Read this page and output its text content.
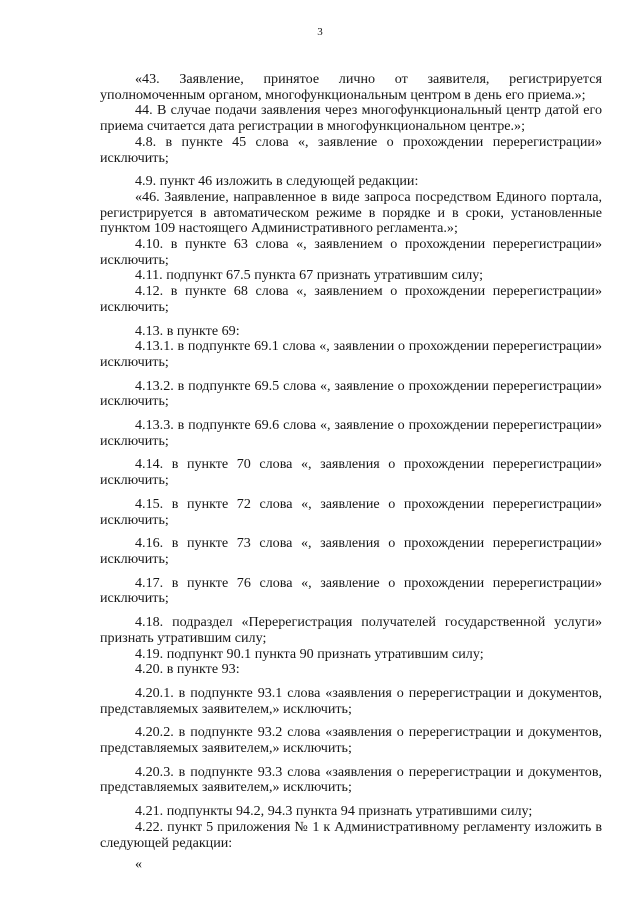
3

«43. Заявление, принятое лично от заявителя, регистрируется уполномоченным органом, многофункциональным центром в день его приема.»;

44. В случае подачи заявления через многофункциональный центр датой его приема считается дата регистрации в многофункциональном центре.»;

4.8. в пункте 45 слова «, заявление о прохождении перерегистрации» исключить;

4.9. пункт 46 изложить в следующей редакции:

«46. Заявление, направленное в виде запроса посредством Единого портала, регистрируется в автоматическом режиме в порядке и в сроки, установленные пунктом 109 настоящего Административного регламента.»;

4.10. в пункте 63 слова «, заявлением о прохождении перерегистрации» исключить;

4.11. подпункт 67.5 пункта 67 признать утратившим силу;

4.12. в пункте 68 слова «, заявлением о прохождении перерегистрации» исключить;

4.13. в пункте 69:

4.13.1. в подпункте 69.1 слова «, заявлении о прохождении перерегистрации» исключить;

4.13.2. в подпункте 69.5 слова «, заявление о прохождении перерегистрации» исключить;

4.13.3. в подпункте 69.6 слова «, заявление о прохождении перерегистрации» исключить;

4.14. в пункте 70 слова «, заявления о прохождении перерегистрации» исключить;

4.15. в пункте 72 слова «, заявление о прохождении перерегистрации» исключить;

4.16. в пункте 73 слова «, заявления о прохождении перерегистрации» исключить;

4.17. в пункте 76 слова «, заявление о прохождении перерегистрации» исключить;

4.18. подраздел «Перерегистрация получателей государственной услуги» признать утратившим силу;

4.19. подпункт 90.1 пункта 90 признать утратившим силу;

4.20. в пункте 93:

4.20.1. в подпункте 93.1 слова «заявления о перерегистрации и документов, представляемых заявителем,» исключить;

4.20.2. в подпункте 93.2 слова «заявления о перерегистрации и документов, представляемых заявителем,» исключить;

4.20.3. в подпункте 93.3 слова «заявления о перерегистрации и документов, представляемых заявителем,» исключить;

4.21. подпункты 94.2, 94.3 пункта 94 признать утратившими силу;

4.22. пункт 5 приложения № 1 к Административному регламенту изложить в следующей редакции:

«
